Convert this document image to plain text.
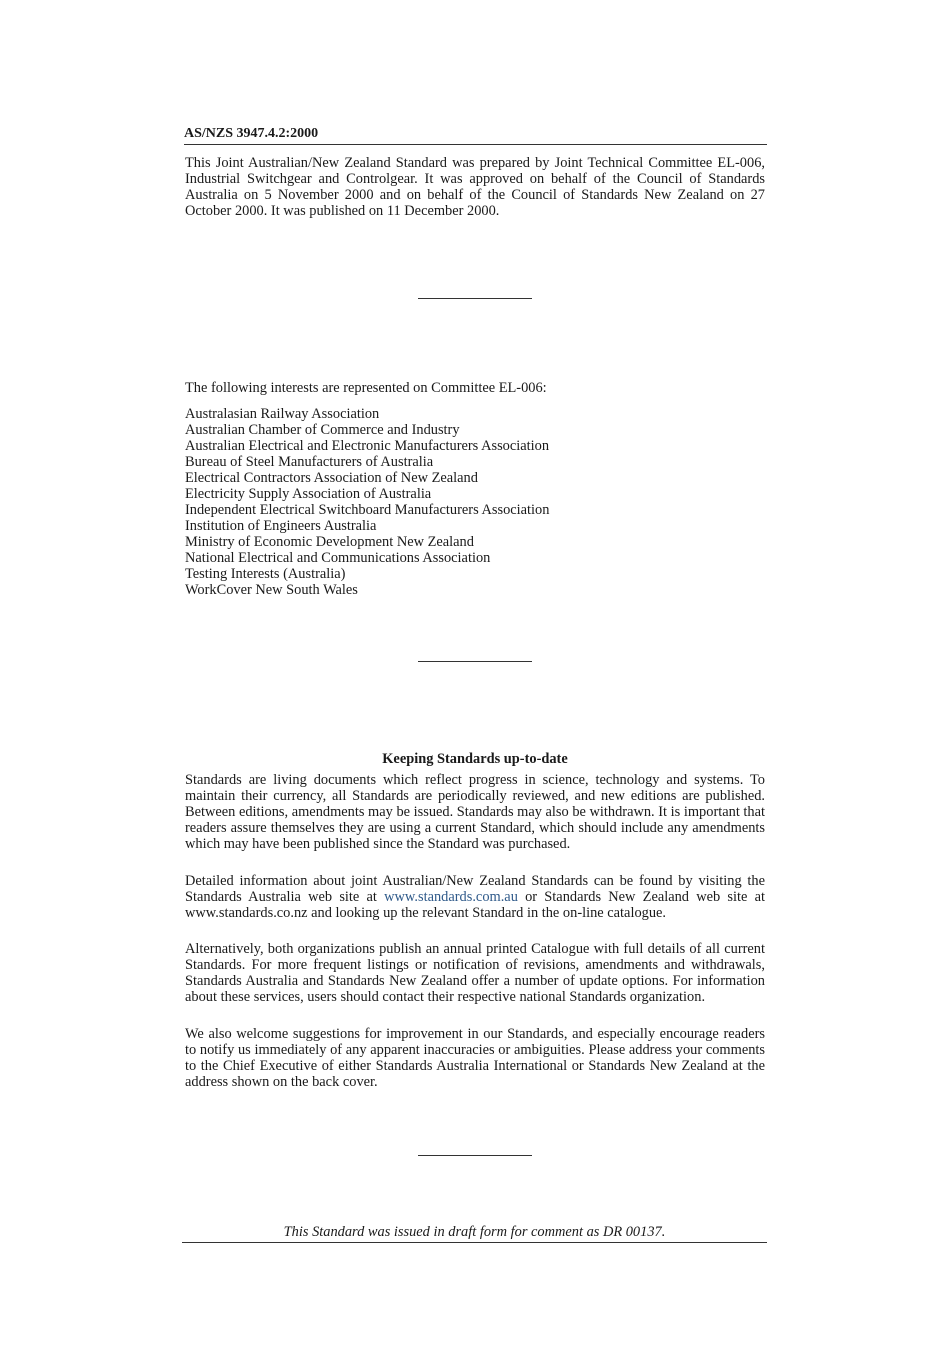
AS/NZS 3947.4.2:2000

This Joint Australian/New Zealand Standard was prepared by Joint Technical Committee EL-006, Industrial Switchgear and Controlgear. It was approved on behalf of the Council of Standards Australia on 5 November 2000 and on behalf of the Council of Standards New Zealand on 27 October 2000. It was published on 11 December 2000.

The following interests are represented on Committee EL-006:

Australasian Railway Association
Australian Chamber of Commerce and Industry
Australian Electrical and Electronic Manufacturers Association
Bureau of Steel Manufacturers of Australia
Electrical Contractors Association of New Zealand
Electricity Supply Association of Australia
Independent Electrical Switchboard Manufacturers Association
Institution of Engineers Australia
Ministry of Economic Development New Zealand
National Electrical and Communications Association
Testing Interests (Australia)
WorkCover New South Wales
Keeping Standards up-to-date

Standards are living documents which reflect progress in science, technology and systems. To maintain their currency, all Standards are periodically reviewed, and new editions are published. Between editions, amendments may be issued. Standards may also be withdrawn. It is important that readers assure themselves they are using a current Standard, which should include any amendments which may have been published since the Standard was purchased.

Detailed information about joint Australian/New Zealand Standards can be found by visiting the Standards Australia web site at www.standards.com.au or Standards New Zealand web site at www.standards.co.nz and looking up the relevant Standard in the on-line catalogue.

Alternatively, both organizations publish an annual printed Catalogue with full details of all current Standards. For more frequent listings or notification of revisions, amendments and withdrawals, Standards Australia and Standards New Zealand offer a number of update options. For information about these services, users should contact their respective national Standards organization.

We also welcome suggestions for improvement in our Standards, and especially encourage readers to notify us immediately of any apparent inaccuracies or ambiguities. Please address your comments to the Chief Executive of either Standards Australia International or Standards New Zealand at the address shown on the back cover.

This Standard was issued in draft form for comment as DR 00137.
